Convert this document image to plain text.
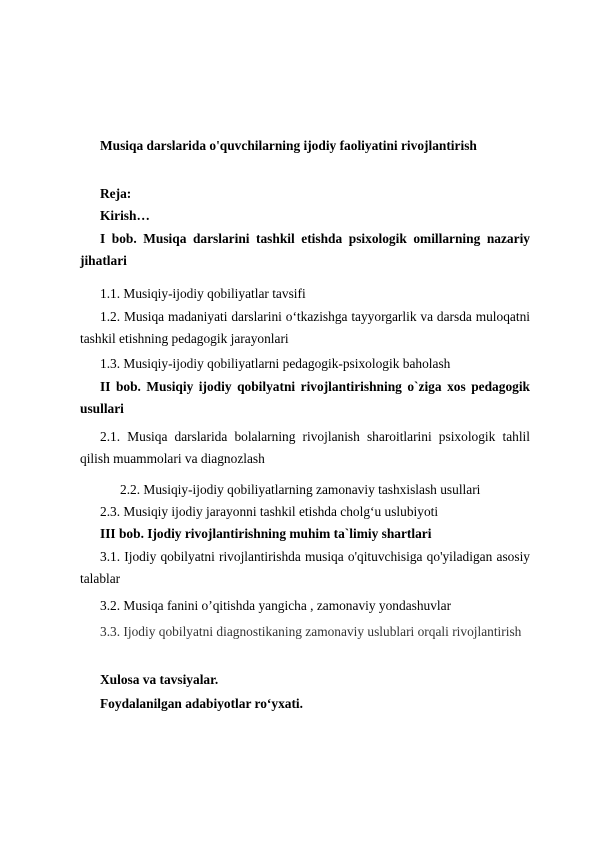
Musiqa darslarida o'quvchilarning ijodiy faoliyatini rivojlantirish
Reja:
Kirish…
I bob. Musiqa darslarini tashkil etishda psixologik omillarning nazariy jihatlari
1.1. Musiqiy-ijodiy qobiliyatlar tavsifi
1.2. Musiqa madaniyati darslarini o‘tkazishga tayyorgarlik va darsda muloqatni tashkil etishning pedagogik jarayonlari
1.3. Musiqiy-ijodiy qobiliyatlarni pedagogik-psixologik baholash
II bob. Musiqiy ijodiy qobilyatni rivojlantirishning o`ziga xos pedagogik usullari
2.1. Musiqa darslarida bolalarning rivojlanish sharoitlarini psixologik tahlil qilish muammolari va diagnozlash
2.2. Musiqiy-ijodiy qobiliyatlarning zamonaviy tashxislash usullari
2.3. Musiqiy ijodiy jarayonni tashkil etishda cholg‘u uslubiyoti
III bob. Ijodiy rivojlantirishning muhim ta`limiy shartlari
3.1. Ijodiy qobilyatni rivojlantirishda musiqa o'qituvchisiga qo'yiladigan asosiy talablar
3.2. Musiqa fanini o’qitishda yangicha , zamonaviy yondashuvlar
3.3. Ijodiy qobilyatni diagnostikaning zamonaviy uslublari orqali rivojlantirish
Xulosa va tavsiyalar.
Foydalanilgan adabiyotlar ro‘yxati.
